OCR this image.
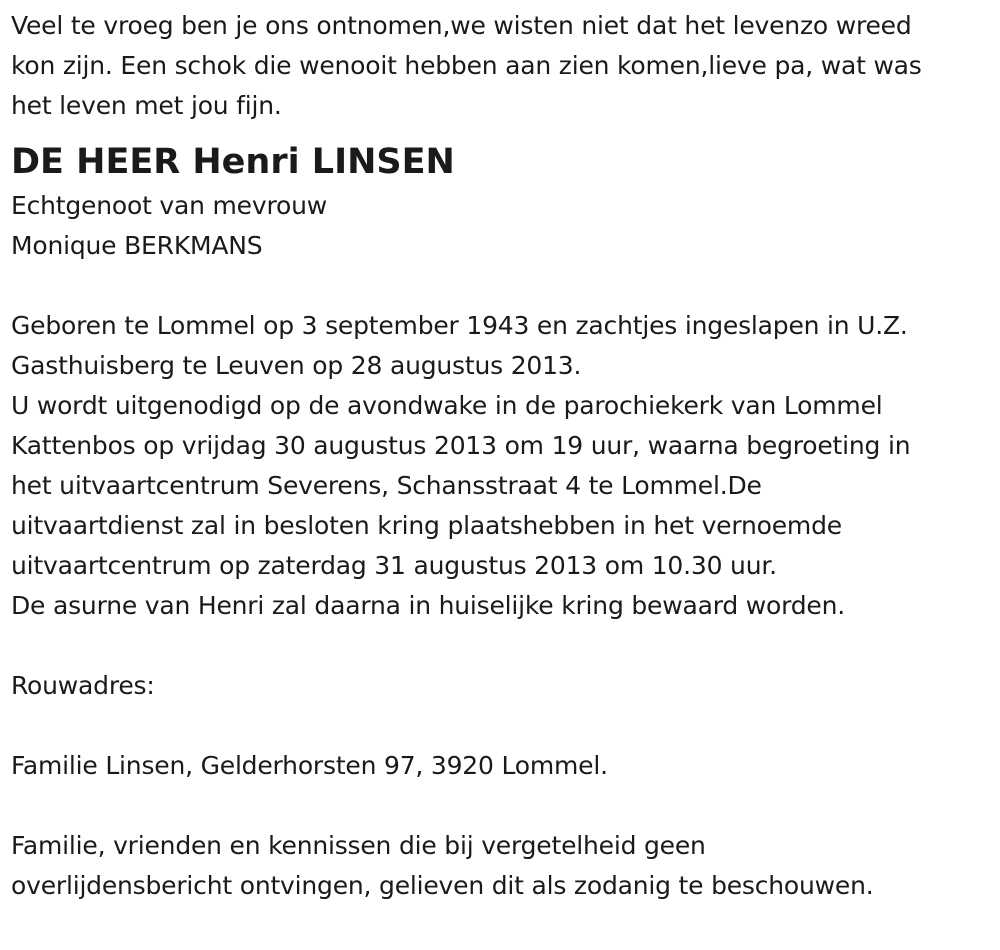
Veel te vroeg ben je ons ontnomen,we wisten niet dat het levenzo wreed
kon zijn. Een schok die wenooit hebben aan zien komen,lieve pa, wat was
het leven met jou fijn.
DE HEER Henri LINSEN
Echtgenoot van mevrouw
Monique BERKMANS
Geboren te Lommel op 3 september 1943 en zachtjes ingeslapen in U.Z.
Gasthuisberg te Leuven op 28 augustus 2013.
U wordt uitgenodigd op de avondwake in de parochiekerk van Lommel
Kattenbos op vrijdag 30 augustus 2013 om 19 uur, waarna begroeting in
het uitvaartcentrum Severens, Schansstraat 4 te Lommel.De
uitvaartdienst zal in besloten kring plaatshebben in het vernoemde
uitvaartcentrum op zaterdag 31 augustus 2013 om 10.30 uur.
De asurne van Henri zal daarna in huiselijke kring bewaard worden.
Rouwadres:
Familie Linsen, Gelderhorsten 97, 3920 Lommel.
Familie, vrienden en kennissen die bij vergetelheid geen
overlijdensbericht ontvingen, gelieven dit als zodanig te beschouwen.
